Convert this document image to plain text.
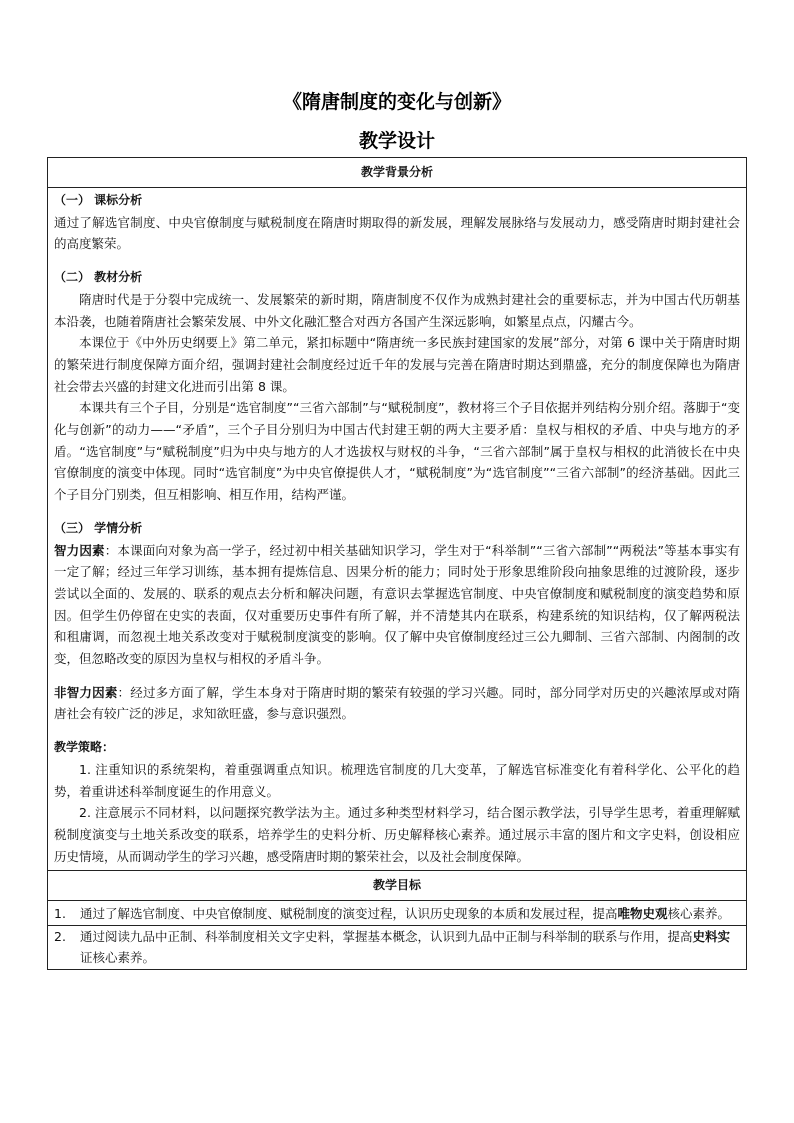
《隋唐制度的变化与创新》
教学设计
教学背景分析
（一） 课标分析
通过了解选官制度、中央官僚制度与赋税制度在隋唐时期取得的新发展，理解发展脉络与发展动力，感受隋唐时期封建社会的高度繁荣。
（二） 教材分析
隋唐时代是于分裂中完成统一、发展繁荣的新时期，隋唐制度不仅作为成熟封建社会的重要标志，并为中国古代历朝基本沿袭，也随着隋唐社会繁荣发展、中外文化融汇整合对西方各国产生深远影响，如繁星点点，闪耀古今。
本课位于《中外历史纲要上》第二单元，紧扣标题中“隋唐统一多民族封建国家的发展”部分，对第 6 课中关于隋唐时期的繁荣进行制度保障方面介绍，强调封建社会制度经过近千年的发展与完善在隋唐时期达到鼎盛，充分的制度保障也为隋唐社会带去兴盛的封建文化进而引出第 8 课。
本课共有三个子目，分别是“选官制度”“三省六部制”与“赋税制度”，教材将三个子目依据并列结构分别介绍。落脚于“变化与创新”的动力——“矛盾”，三个子目分别归为中国古代封建王朝的两大主要矛盾：皇权与相权的矛盾、中央与地方的矛盾。“选官制度”与“赋税制度”归为中央与地方的人才选拔权与财权的斗争，“三省六部制”属于皇权与相权的此消彼长在中央官僚制度的演变中体现。同时“选官制度”为中央官僚提供人才，“赋税制度”为“选官制度”“三省六部制”的经济基础。因此三个子目分门别类，但互相影响、相互作用，结构严谨。
（三） 学情分析
智力因素：本课面向对象为高一学子，经过初中相关基础知识学习，学生对于“科举制”“三省六部制”“两税法”等基本事实有一定了解；经过三年学习训练，基本拥有提炼信息、因果分析的能力；同时处于形象思维阶段向抽象思维的过渡阶段，逐步尝试以全面的、发展的、联系的观点去分析和解决问题，有意识去掌握选官制度、中央官僚制度和赋税制度的演变趋势和原因。但学生仍停留在史实的表面，仅对重要历史事件有所了解，并不清楚其内在联系，构建系统的知识结构，仅了解两税法和租庸调，而忽视土地关系改变对于赋税制度演变的影响。仅了解中央官僚制度经过三公九卿制、三省六部制、内阁制的改变，但忽略改变的原因为皇权与相权的矛盾斗争。
非智力因素：经过多方面了解，学生本身对于隋唐时期的繁荣有较强的学习兴趣。同时，部分同学对历史的兴趣浓厚或对隋唐社会有较广泛的涉足，求知欲旺盛，参与意识强烈。
教学策略：
1. 注重知识的系统架构，着重强调重点知识。梳理选官制度的几大变革，了解选官标准变化有着科学化、公平化的趋势，着重讲述科举制度诞生的作用意义。
2. 注意展示不同材料，以问题探究教学法为主。通过多种类型材料学习，结合图示教学法，引导学生思考，着重理解赋税制度演变与土地关系改变的联系，培养学生的史料分析、历史解释核心素养。通过展示丰富的图片和文字史料，创设相应历史情境，从而调动学生的学习兴趣，感受隋唐时期的繁荣社会，以及社会制度保障。
教学目标
1.	通过了解选官制度、中央官僚制度、赋税制度的演变过程，认识历史现象的本质和发展过程，提高唯物史观核心素养。
2.	通过阅读九品中正制、科举制度相关文字史料，掌握基本概念，认识到九品中正制与科举制的联系与作用，提高史料实证核心素养。
